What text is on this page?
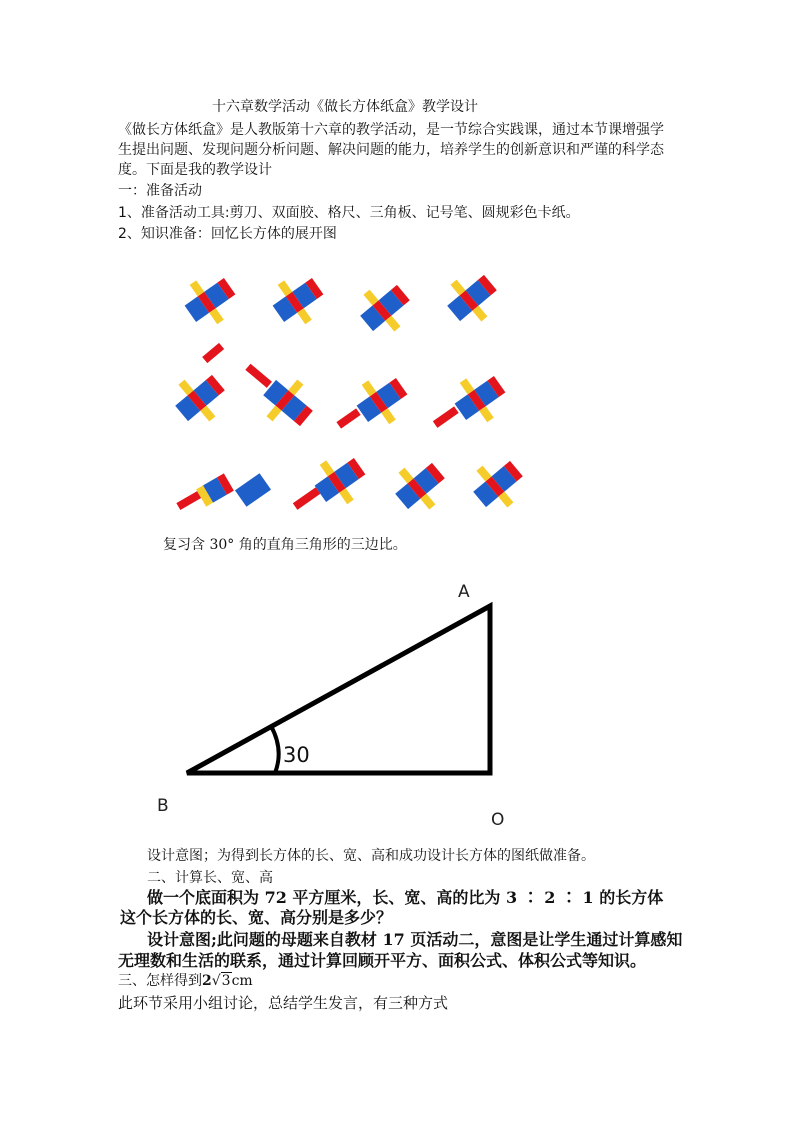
十六章数学活动《做长方体纸盒》教学设计
《做长方体纸盒》是人教版第十六章的教学活动，是一节综合实践课，通过本节课增强学
生提出问题、发现问题分析问题、解决问题的能力，培养学生的创新意识和严谨的科学态
度。下面是我的教学设计
一：准备活动
1、准备活动工具:剪刀、双面胶、格尺、三角板、记号笔、圆规彩色卡纸。
2、知识准备：回忆长方体的展开图
复习含 30° 角的直角三角形的三边比。
A
B
O
30
设计意图；为得到长方体的长、宽、高和成功设计长方体的图纸做准备。
二、计算长、宽、高
做一个底面积为 72 平方厘米，长、宽、高的比为 3 ∶ 2 ∶ 1 的长方体
这个长方体的长、宽、高分别是多少？
设计意图;此问题的母题来自教材 17 页活动二，意图是让学生通过计算感知
无理数和生活的联系，通过计算回顾开平方、面积公式、体积公式等知识。
三、怎样得到2√3cm
此环节采用小组讨论，总结学生发言，有三种方式
